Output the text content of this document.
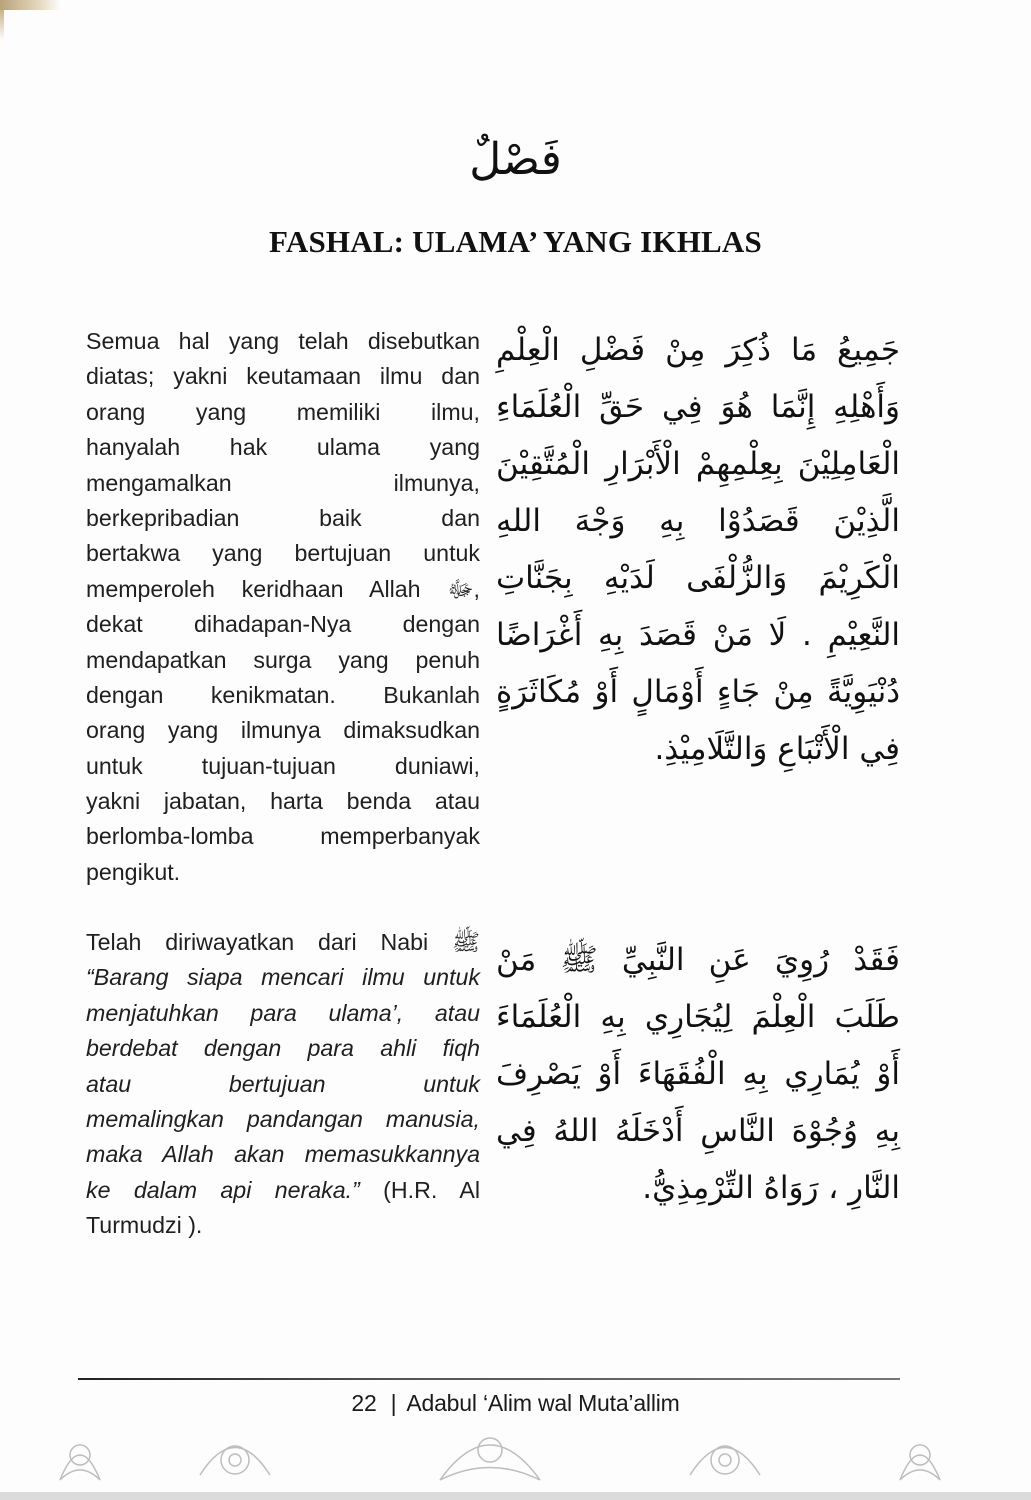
فَصْلٌ
FASHAL: ULAMA’ YANG IKHLAS
Semua hal yang telah disebutkan
diatas; yakni keutamaan ilmu dan
orang yang memiliki ilmu,
hanyalah hak ulama yang
mengamalkan ilmunya,
berkepribadian baik dan
bertakwa yang bertujuan untuk
memperoleh keridhaan Allah ﷻ,
dekat dihadapan-Nya dengan
mendapatkan surga yang penuh
dengan kenikmatan. Bukanlah
orang yang ilmunya dimaksudkan
untuk tujuan-tujuan duniawi,
yakni jabatan, harta benda atau
berlomba-lomba memperbanyak
pengikut.
Telah diriwayatkan dari Nabi ﷺ
“Barang siapa mencari ilmu untuk
menjatuhkan para ulama’, atau
berdebat dengan para ahli fiqh
atau bertujuan untuk
memalingkan pandangan manusia,
maka Allah akan memasukkannya
ke dalam api neraka.” (H.R. Al
Turmudzi ).
جَمِيعُ مَا ذُكِرَ مِنْ فَضْلِ الْعِلْمِ
وَأَهْلِهِ إِنَّمَا هُوَ فِي حَقِّ الْعُلَمَاءِ
الْعَامِلِيْنَ بِعِلْمِهِمْ الْأَبْرَارِ الْمُتَّقِيْنَ
الَّذِيْنَ قَصَدُوْا بِهِ وَجْهَ اللهِ
الْكَرِيْمَ وَالزُّلْفَى لَدَيْهِ بِجَنَّاتِ
النَّعِيْمِ . لَا مَنْ قَصَدَ بِهِ أَغْرَاضًا
دُنْيَوِيَّةً مِنْ جَاءٍ أَوْمَالٍ أَوْ مُكَاثَرَةٍ
فِي الْأَتْبَاعِ وَالتَّلَامِيْذِ.
فَقَدْ رُوِيَ عَنِ النَّبِيِّ ﷺ مَنْ
طَلَبَ الْعِلْمَ لِيُجَارِي بِهِ الْعُلَمَاءَ
أَوْ يُمَارِي بِهِ الْفُقَهَاءَ أَوْ يَصْرِفَ
بِهِ وُجُوْهَ النَّاسِ أَدْخَلَهُ اللهُ فِي
النَّارِ ، رَوَاهُ التِّرْمِذِيُّ.
22 | Adabul ‘Alim wal Muta’allim
